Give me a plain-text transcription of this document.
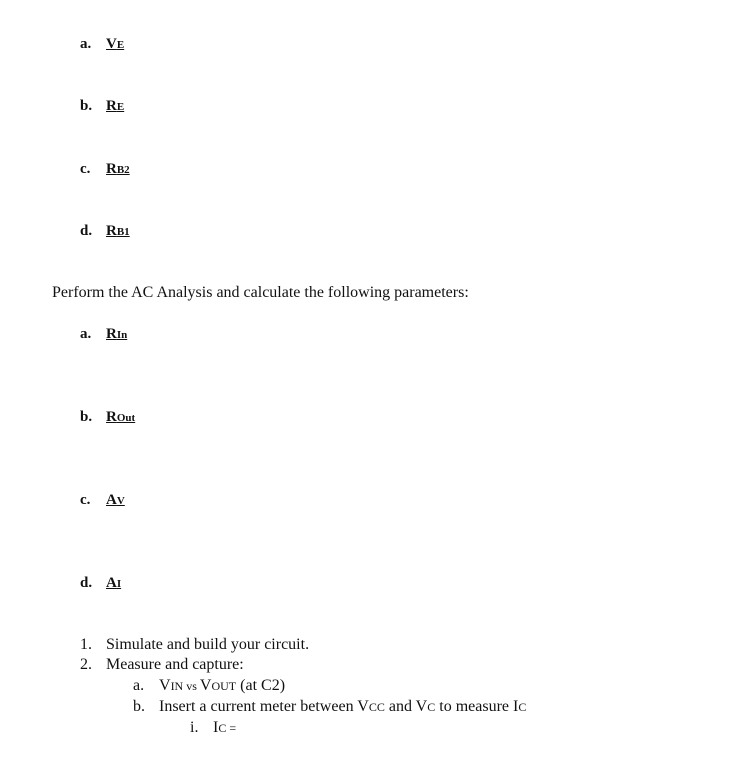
a. VE
b. RE
c. RB2
d. RB1
Perform the AC Analysis and calculate the following parameters:
a. RIn
b. ROut
c. AV
d. AI
1. Simulate and build your circuit.
2. Measure and capture:
a. VIN vs VOUT (at C2)
b. Insert a current meter between VCC and VC to measure IC
i. IC =
